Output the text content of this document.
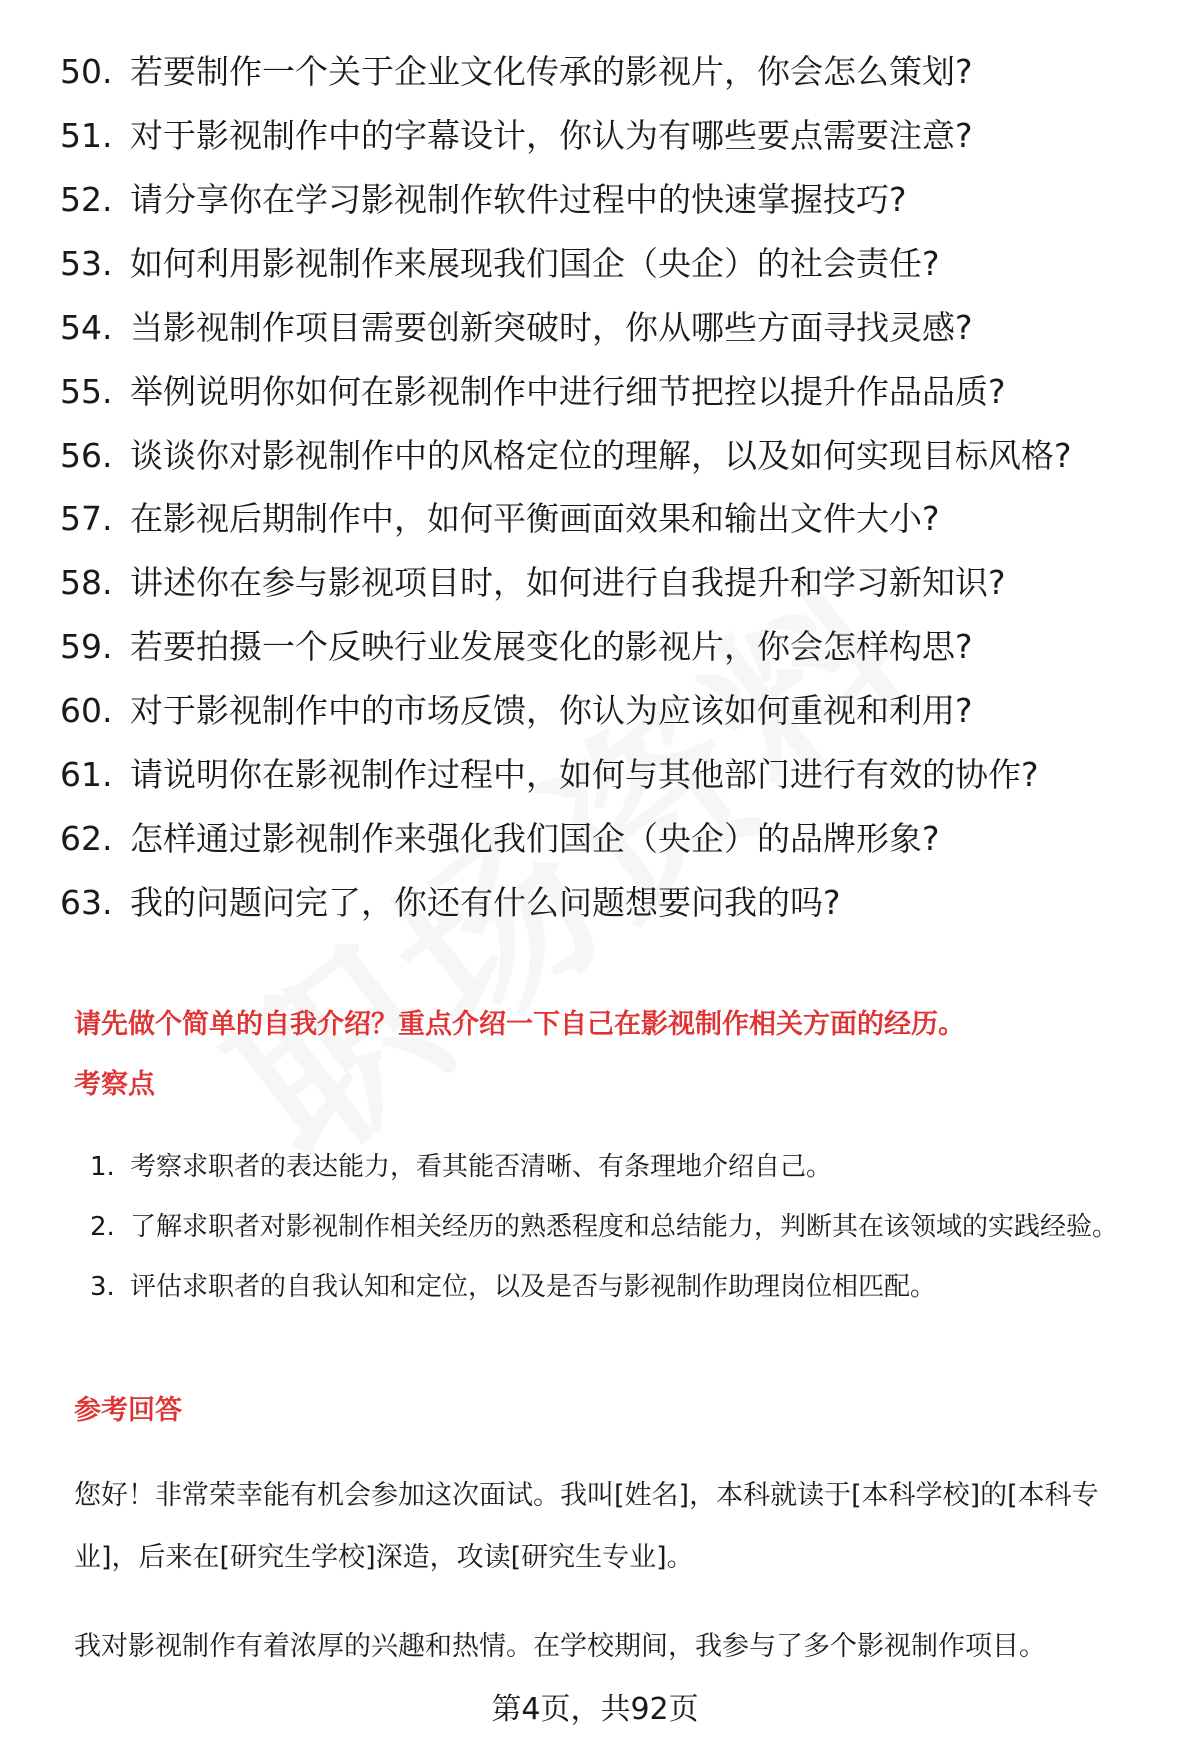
50. 若要制作一个关于企业文化传承的影视片，你会怎么策划?
51. 对于影视制作中的字幕设计，你认为有哪些要点需要注意?
52. 请分享你在学习影视制作软件过程中的快速掌握技巧?
53. 如何利用影视制作来展现我们国企（央企）的社会责任?
54. 当影视制作项目需要创新突破时，你从哪些方面寻找灵感?
55. 举例说明你如何在影视制作中进行细节把控以提升作品品质?
56. 谈谈你对影视制作中的风格定位的理解，以及如何实现目标风格?
57. 在影视后期制作中，如何平衡画面效果和输出文件大小?
58. 讲述你在参与影视项目时，如何进行自我提升和学习新知识?
59. 若要拍摄一个反映行业发展变化的影视片，你会怎样构思?
60. 对于影视制作中的市场反馈，你认为应该如何重视和利用?
61. 请说明你在影视制作过程中，如何与其他部门进行有效的协作?
62. 怎样通过影视制作来强化我们国企（央企）的品牌形象?
63. 我的问题问完了，你还有什么问题想要问我的吗?
请先做个简单的自我介绍？重点介绍一下自己在影视制作相关方面的经历。
考察点
1. 考察求职者的表达能力，看其能否清晰、有条理地介绍自己。
2. 了解求职者对影视制作相关经历的熟悉程度和总结能力，判断其在该领域的实践经验。
3. 评估求职者的自我认知和定位，以及是否与影视制作助理岗位相匹配。
参考回答
您好！非常荣幸能有机会参加这次面试。我叫[姓名]，本科就读于[本科学校]的[本科专业]，后来在[研究生学校]深造，攻读[研究生专业]。
我对影视制作有着浓厚的兴趣和热情。在学校期间，我参与了多个影视制作项目。
第4页，共92页
